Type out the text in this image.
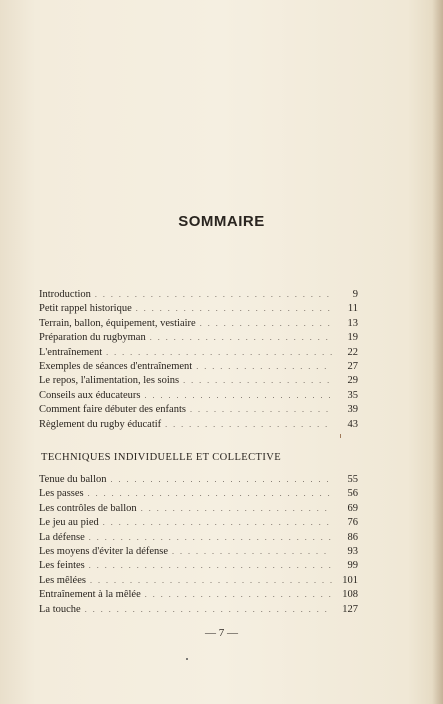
SOMMAIRE
Introduction . . .	9
Petit rappel historique . . .	11
Terrain, ballon, équipement, vestiaire . . .	13
Préparation du rugbyman . . .	19
L'entraînement . . .	22
Exemples de séances d'entraînement . . .	27
Le repos, l'alimentation, les soins . . .	29
Conseils aux éducateurs . . .	35
Comment faire débuter des enfants . . .	39
Règlement du rugby éducatif . . .	43
TECHNIQUES INDIVIDUELLE ET COLLECTIVE
Tenue du ballon . . .	55
Les passes . . .	56
Les contrôles de ballon . . .	69
Le jeu au pied . . .	76
La défense . . .	86
Les moyens d'éviter la défense . . .	93
Les feintes . . .	99
Les mêlées . . .	101
Entraînement à la mêlée . . .	108
La touche . . .	127
— 7 —
